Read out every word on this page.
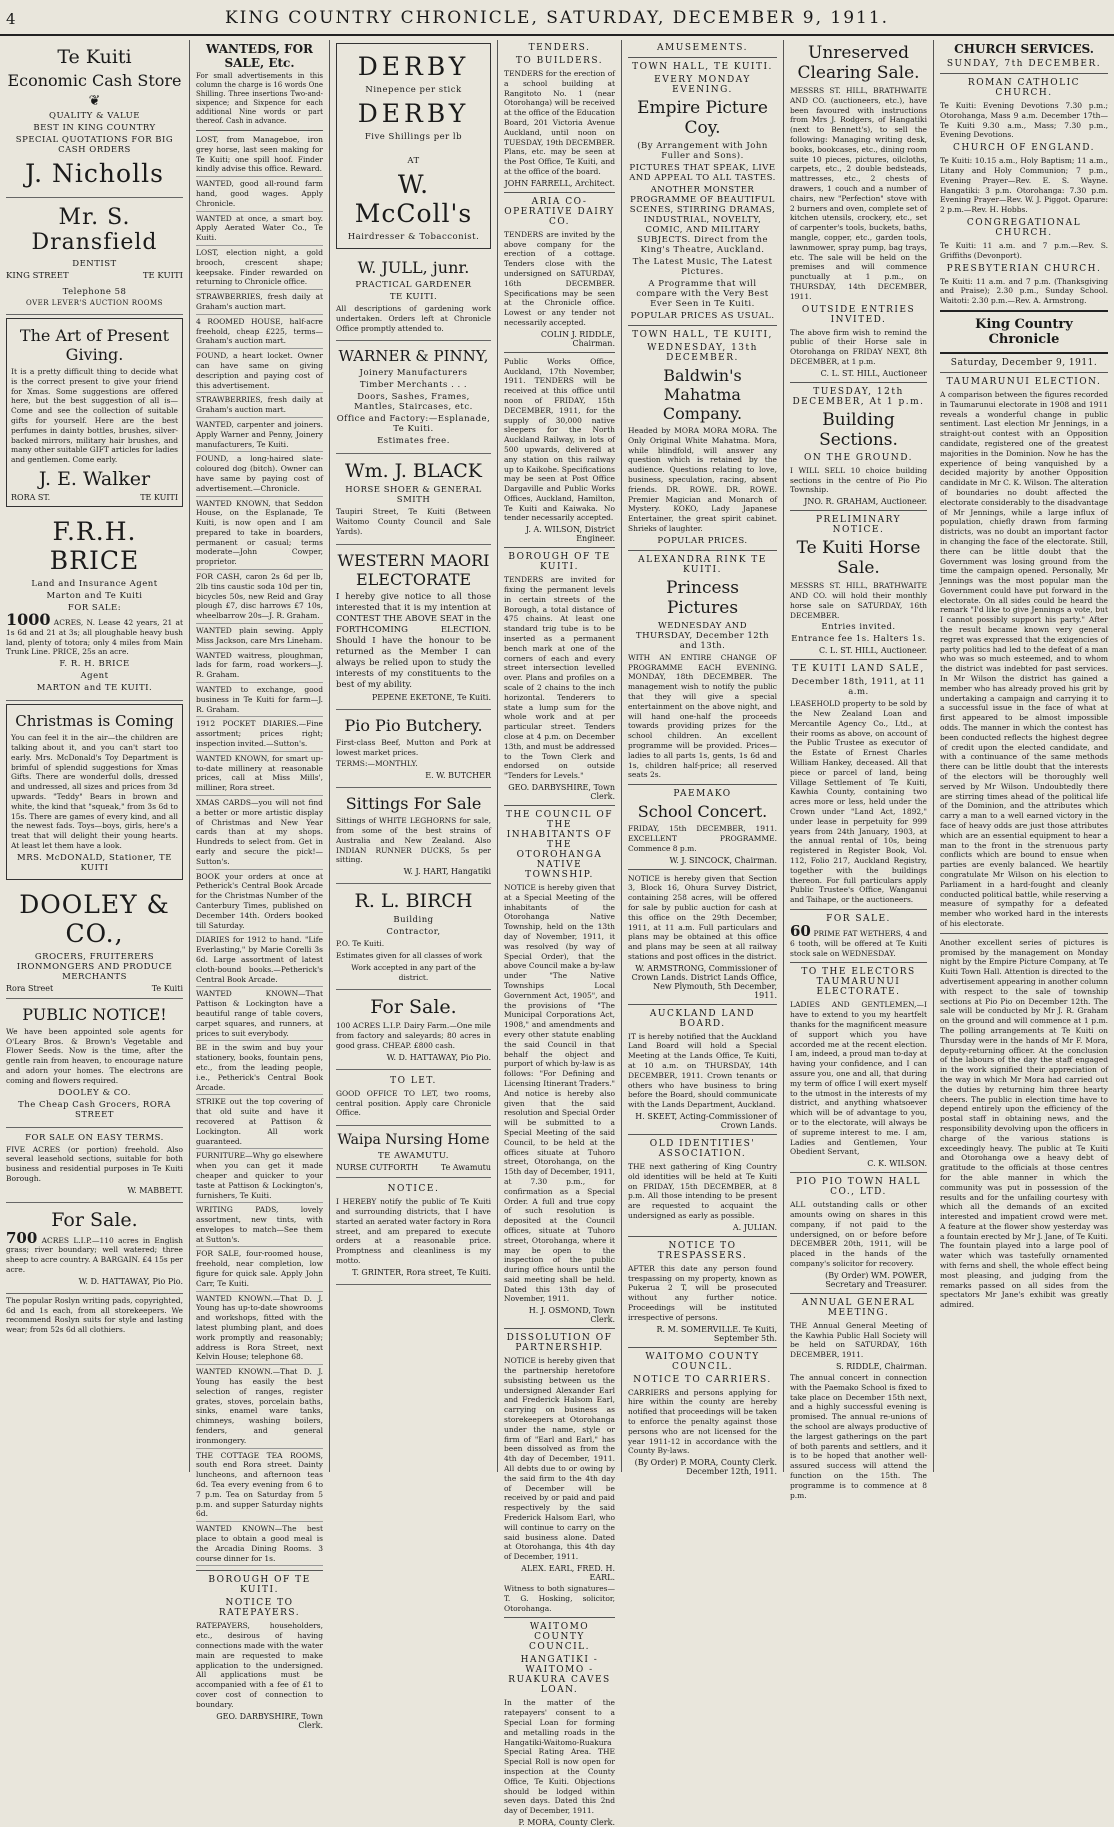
4	KING COUNTRY CHRONICLE, SATURDAY, DECEMBER 9, 1911.
Te Kuiti
Economic Cash Store
❦
QUALITY & VALUE
BEST IN KING COUNTRY
SPECIAL QUOTATIONS FOR BIG CASH ORDERS
J. Nicholls
Mr. S. Dransfield
DENTIST
KING STREET	TE KUITI
Telephone 58
OVER LEVER'S AUCTION ROOMS
The Art of Present Giving.
It is a pretty difficult thing to decide what is the correct present to give your friend for Xmas. Some suggestions are offered here, but the best suggestion of all is—Come and see the collection of suitable gifts for yourself. Here are the best perfumes in dainty bottles, brushes, silver-backed mirrors, military hair brushes, and many other suitable GIFT articles for ladies and gentlemen. Come early.
J. E. Walker
RORA ST.	TE KUITI
F.R.H. BRICE
Land and Insurance Agent
Marton and Te Kuiti
FOR SALE:
1000 ACRES, N. Lease 42 years, 21 at 1s 6d and 21 at 3s; all ploughable heavy bush land, plenty of totora; only 4 miles from Main Trunk Line. PRICE, 25s an acre.
F. R. H. BRICE
Agent
MARTON and TE KUITI.
Christmas is Coming
You can feel it in the air—the children are talking about it, and you can't start too early. Mrs. McDonald's Toy Department is brimful of splendid suggestions for Xmas Gifts. There are wonderful dolls, dressed and undressed, all sizes and prices from 3d upwards. "Teddy" Bears in brown and white, the kind that "squeak," from 3s 6d to 15s. There are games of every kind, and all the newest fads. Toys—boys, girls, here's a treat that will delight their young hearts. At least let them have a look.
MRS. McDONALD, Stationer, TE KUITI
DOOLEY & CO.,
GROCERS, FRUITERERS IRONMONGERS AND PRODUCE MERCHANTS
Rora Street	Te Kuiti
PUBLIC NOTICE!
We have been appointed sole agents for O'Leary Bros. & Brown's Vegetable and Flower Seeds. Now is the time, after the gentle rain from heaven, to encourage nature and adorn your homes. The electrons are coming and flowers required.
DOOLEY & CO.
The Cheap Cash Grocers, RORA STREET
FOR SALE ON EASY TERMS.
FIVE ACRES (or portion) freehold. Also several leasehold sections, suitable for both business and residential purposes in Te Kuiti Borough.
W. MABBETT.
For Sale.
700 ACRES L.I.P.—110 acres in English grass; river boundary; well watered; three sheep to acre country. A BARGAIN. £4 15s per acre.
W. D. HATTAWAY, Pio Pio.
The popular Roslyn writing pads, copyrighted, 6d and 1s each, from all storekeepers. We recommend Roslyn suits for style and lasting wear; from 52s 6d all clothiers.
WANTEDS, FOR SALE, Etc.
For small advertisements in this column the charge is 16 words One Shilling. Three insertions Two-and-sixpence; and Sixpence for each additional Nine words or part thereof. Cash in advance.
LOST, from Manageboe, iron grey horse, last seen making for Te Kuiti; one spill hoof. Finder kindly advise this office. Reward.
WANTED, good all-round farm hand, good wages. Apply Chronicle.
WANTED at once, a smart boy. Apply Aerated Water Co., Te Kuiti.
LOST, election night, a gold brooch, crescent shape; keepsake. Finder rewarded on returning to Chronicle office.
STRAWBERRIES, fresh daily at Graham's auction mart.
4 ROOMED HOUSE, half-acre freehold, cheap £225, terms—Graham's auction mart.
FOUND, a heart locket. Owner can have same on giving description and paying cost of this advertisement.
STRAWBERRIES, fresh daily at Graham's auction mart.
WANTED, carpenter and joiners. Apply Warner and Penny, Joinery manufacturers, Te Kuiti.
FOUND, a long-haired slate-coloured dog (bitch). Owner can have same by paying cost of advertisement.—Chronicle.
WANTED KNOWN, that Seddon House, on the Esplanade, Te Kuiti, is now open and I am prepared to take in boarders, permanent or casual; terms moderate—John Cowper, proprietor.
FOR CASH, caron 2s 6d per lb, 2lb tins caustic soda 10d per tin, bicycles 50s, new Reid and Gray plough £7, disc harrows £7 10s, wheelbarrow 20s—J. R. Graham.
WANTED plain sewing. Apply Miss Jackson, care Mrs Lineham.
WANTED waitress, ploughman, lads for farm, road workers—J. R. Graham.
WANTED to exchange, good business in Te Kuiti for farm—J. R. Graham.
1912 POCKET DIARIES.—Fine assortment; prices right; inspection invited.—Sutton's.
WANTED KNOWN, for smart up-to-date millinery at reasonable prices, call at Miss Mills', milliner, Rora street.
XMAS CARDS—you will not find a better or more artistic display of Christmas and New Year cards than at my shops. Hundreds to select from. Get in early and secure the pick!—Sutton's.
BOOK your orders at once at Petherick's Central Book Arcade for the Christmas Number of the Canterbury Times, published on December 14th. Orders booked till Saturday.
DIARIES for 1912 to hand. "Life Everlasting," by Marie Corelli 3s 6d. Large assortment of latest cloth-bound books.—Petherick's Central Book Arcade.
WANTED KNOWN—That Pattison & Lockington have a beautiful range of table covers, carpet squares, and runners, at prices to suit everybody.
BE in the swim and buy your stationery, books, fountain pens, etc., from the leading people, i.e., Petherick's Central Book Arcade.
STRIKE out the top covering of that old suite and have it recovered at Pattison & Lockington. All work guaranteed.
FURNITURE—Why go elsewhere when you can get it made cheaper and quicker to your taste at Pattison & Lockington's, furnishers, Te Kuiti.
WRITING PADS, lovely assortment, new tints, with envelopes to match—See them at Sutton's.
FOR SALE, four-roomed house, freehold, near completion, low figure for quick sale. Apply John Carr, Te Kuiti.
WANTED KNOWN.—That D. J. Young has up-to-date showrooms and workshops, fitted with the latest plumbing plant, and does work promptly and reasonably; address is Rora Street, next Kelvin House; telephone 68.
WANTED KNOWN.—That D. J. Young has easily the best selection of ranges, register grates, stoves, porcelain baths, sinks, enamel ware tanks, chimneys, washing boilers, fenders, and general ironmongery.
THE COTTAGE TEA ROOMS, south end Rora street. Dainty luncheons, and afternoon teas 6d. Tea every evening from 6 to 7 p.m. Tea on Saturday from 5 p.m. and supper Saturday nights 6d.
WANTED KNOWN—The best place to obtain a good meal is the Arcadia Dining Rooms. 3 course dinner for 1s.
BOROUGH OF TE KUITI.
NOTICE TO RATEPAYERS.
RATEPAYERS, householders, etc., desirous of having connections made with the water main are requested to make application to the undersigned. All applications must be accompanied with a fee of £1 to cover cost of connection to boundary.
GEO. DARBYSHIRE, Town Clerk.
DERBY
Ninepence per stick
DERBY
Five Shillings per lb
AT
W. McColl's
Hairdresser & Tobacconist.
W. JULL, junr.
PRACTICAL GARDENER
TE KUITI.
All descriptions of gardening work undertaken. Orders left at Chronicle Office promptly attended to.
WARNER & PINNY,
Joinery Manufacturers
Timber Merchants . . .
Doors, Sashes, Frames, Mantles, Staircases, etc.
Office and Factory:—Esplanade, Te Kuiti.
Estimates free.
Wm. J. BLACK
HORSE SHOER & GENERAL SMITH
Taupiri Street, Te Kuiti (Between Waitomo County Council and Sale Yards).
WESTERN MAORI ELECTORATE
I hereby give notice to all those interested that it is my intention at CONTEST THE ABOVE SEAT in the FORTHCOMING ELECTION. Should I have the honour to be returned as the Member I can always be relied upon to study the interests of my constituents to the best of my ability.
PEPENE EKETONE, Te Kuiti.
Pio Pio Butchery.
First-class Beef, Mutton and Pork at lowest market prices.
TERMS:—MONTHLY.
E. W. BUTCHER
Sittings For Sale
Sittings of WHITE LEGHORNS for sale, from some of the best strains of Australia and New Zealand. Also INDIAN RUNNER DUCKS, 5s per sitting.
W. J. HART, Hangatiki
R. L. BIRCH
Building
Contractor,
P.O. Te Kuiti.
Estimates given for all classes of work
Work accepted in any part of the district.
For Sale.
100 ACRES L.I.P. Dairy Farm.—One mile from factory and saleyards; 80 acres in good grass. CHEAP. £800 cash.
W. D. HATTAWAY, Pio Pio.
TO LET.
GOOD OFFICE TO LET, two rooms, central position. Apply care Chronicle Office.
Waipa Nursing Home
TE AWAMUTU.
NURSE CUTFORTH	Te Awamutu
NOTICE.
I HEREBY notify the public of Te Kuiti and surrounding districts, that I have started an aerated water factory in Rora street, and am prepared to execute orders at a reasonable price. Promptness and cleanliness is my motto.
T. GRINTER, Rora street, Te Kuiti.
TENDERS.
TO BUILDERS.
TENDERS for the erection of a school building at Rangitoto No. 1 (near Otorohanga) will be received at the office of the Education Board, 201 Victoria Avenue Auckland, until noon on TUESDAY, 19th DECEMBER. Plans, etc. may be seen at the Post Office, Te Kuiti, and at the office of the board.
JOHN FARRELL, Architect.
ARIA CO-OPERATIVE DAIRY CO.
TENDERS are invited by the above company for the erection of a cottage. Tenders close with the undersigned on SATURDAY, 16th DECEMBER. Specifications may be seen at the Chronicle office. Lowest or any tender not necessarily accepted.
COLIN J. RIDDLE, Chairman.
Public Works Office, Auckland, 17th November, 1911. TENDERS will be received at this office until noon of FRIDAY, 15th DECEMBER, 1911, for the supply of 30,000 native sleepers for the North Auckland Railway, in lots of 500 upwards, delivered at any station on this railway up to Kaikohe. Specifications may be seen at Post Office Dargaville and Public Works Offices, Auckland, Hamilton, Te Kuiti and Kaiwaka. No tender necessarily accepted.
J. A. WILSON, District Engineer.
BOROUGH OF TE KUITI.
TENDERS are invited for fixing the permanent levels in certain streets of the Borough, a total distance of 475 chains. At least one standard trig tube is to be inserted as a permanent bench mark at one of the corners of each and every street intersection levelled over. Plans and profiles on a scale of 2 chains to the inch horizontal. Tenderers to state a lump sum for the whole work and at per particular street. Tenders close at 4 p.m. on December 13th, and must be addressed to the Town Clerk and endorsed on outside "Tenders for Levels."
GEO. DARBYSHIRE, Town Clerk.
THE COUNCIL OF THE INHABITANTS OF THE OTOROHANGA NATIVE TOWNSHIP.
NOTICE is hereby given that at a Special Meeting of the inhabitants of the Otorohanga Native Township, held on the 13th day of November, 1911, it was resolved (by way of Special Order), that the above Council make a by-law under "The Native Townships Local Government Act, 1905", and the provisions of "The Municipal Corporations Act, 1908," and amendments and every other statute enabling the said Council in that behalf the object and purport of which by-law is as follows: "For Defining and Licensing Itinerant Traders." And notice is hereby also given that the said resolution and Special Order will be submitted to a Special Meeting of the said Council, to be held at the offices situate at Tuhoro street, Otorohanga, on the 15th day of December, 1911, at 7.30 p.m., for confirmation as a Special Order. A full and true copy of such resolution is deposited at the Council offices, situate at Tuhoro street, Otorohanga, where it may be open to the inspection of the public during office hours until the said meeting shall be held. Dated this 13th day of November, 1911.
H. J. OSMOND, Town Clerk.
DISSOLUTION OF PARTNERSHIP.
NOTICE is hereby given that the partnership heretofore subsisting between us the undersigned Alexander Earl and Frederick Halsom Earl, carrying on business as storekeepers at Otorohanga under the name, style or firm of "Earl and Earl," has been dissolved as from the 4th day of December, 1911. All debts due to or owing by the said firm to the 4th day of December will be received by or paid and paid respectively by the said Frederick Halsom Earl, who will continue to carry on the said business alone. Dated at Otorohanga, this 4th day of December, 1911.
ALEX. EARL, FRED. H. EARL.
Witness to both signatures—T. G. Hosking, solicitor, Otorohanga.
WAITOMO COUNTY COUNCIL.
HANGATIKI - WAITOMO - RUAKURA CAVES LOAN.
In the matter of the ratepayers' consent to a Special Loan for forming and metalling roads in the Hangatiki-Waitomo-Ruakura Special Rating Area. THE Special Roll is now open for inspection at the County Office, Te Kuiti. Objections should be lodged within seven days. Dated this 2nd day of December, 1911.
P. MORA, County Clerk.
AMUSEMENTS.
TOWN HALL, TE KUITI.
EVERY MONDAY EVENING.
Empire Picture Coy.
(By Arrangement with John Fuller and Sons).
PICTURES THAT SPEAK, LIVE AND APPEAL TO ALL TASTES.
ANOTHER MONSTER PROGRAMME OF BEAUTIFUL SCENES, STIRRING DRAMAS, INDUSTRIAL, NOVELTY, COMIC, AND MILITARY SUBJECTS. Direct from the King's Theatre, Auckland.
The Latest Music, The Latest Pictures.
A Programme that will compare with the Very Best Ever Seen in Te Kuiti.
POPULAR PRICES AS USUAL.
TOWN HALL, TE KUITI,
WEDNESDAY, 13th DECEMBER.
Baldwin's Mahatma Company.
Headed by MORA MORA MORA. The Only Original White Mahatma. Mora, while blindfold, will answer any question which is retained by the audience. Questions relating to love, business, speculation, racing, absent friends. DR. ROWE. DR. ROWE. Premier Magician and Monarch of Mystery. KOKO, Lady Japanese Entertainer, the great spirit cabinet. Shrieks of laughter.
POPULAR PRICES.
ALEXANDRA RINK TE KUITI.
Princess Pictures
WEDNESDAY AND THURSDAY, December 12th and 13th.
WITH AN ENTIRE CHANGE OF PROGRAMME EACH EVENING. MONDAY, 18th DECEMBER. The management wish to notify the public that they will give a special entertainment on the above night, and will hand one-half the proceeds towards providing prizes for the school children. An excellent programme will be provided. Prices—ladies to all parts 1s, gents, 1s 6d and 1s, children half-price; all reserved seats 2s.
PAEMAKO
School Concert.
FRIDAY, 15th DECEMBER, 1911. EXCELLENT PROGRAMME. Commence 8 p.m.
W. J. SINCOCK, Chairman.
NOTICE is hereby given that Section 3, Block 16, Ohura Survey District, containing 258 acres, will be offered for sale by public auction for cash at this office on the 29th December, 1911, at 11 a.m. Full particulars and plans may be obtained at this office and plans may be seen at all railway stations and post offices in the district.
W. ARMSTRONG, Commissioner of Crown Lands. District Lands Office, New Plymouth, 5th December, 1911.
AUCKLAND LAND BOARD.
IT is hereby notified that the Auckland Land Board will hold a Special Meeting at the Lands Office, Te Kuiti, at 10 a.m. on THURSDAY, 14th DECEMBER, 1911. Crown tenants or others who have business to bring before the Board, should communicate with the Lands Department, Auckland.
H. SKEET, Acting-Commissioner of Crown Lands.
OLD IDENTITIES' ASSOCIATION.
THE next gathering of King Country old identities will be held at Te Kuiti on FRIDAY, 15th DECEMBER, at 8 p.m. All those intending to be present are requested to acquaint the undersigned as early as possible.
A. JULIAN.
NOTICE TO TRESPASSERS.
AFTER this date any person found trespassing on my property, known as Pukerua 2 T, will be prosecuted without any further notice. Proceedings will be instituted irrespective of persons.
R. M. SOMERVILLE. Te Kuiti, September 5th.
WAITOMO COUNTY COUNCIL.
NOTICE TO CARRIERS.
CARRIERS and persons applying for hire within the county are hereby notified that proceedings will be taken to enforce the penalty against those persons who are not licensed for the year 1911-12 in accordance with the County By-laws.
(By Order) P. MORA, County Clerk. December 12th, 1911.
Unreserved Clearing Sale.
MESSRS ST. HILL, BRATHWAITE AND CO. (auctioneers, etc.), have been favoured with instructions from Mrs J. Rodgers, of Hangatiki (next to Bennett's), to sell the following: Managing writing desk, books, bookcases, etc., dining room suite 10 pieces, pictures, oilcloths, carpets, etc., 2 double bedsteads, mattresses, etc., 2 chests of drawers, 1 couch and a number of chairs, new "Perfection" stove with 2 burners and oven, complete set of kitchen utensils, crockery, etc., set of carpenter's tools, buckets, baths, mangle, copper, etc., garden tools, lawnmower, spray pump, bag trays, etc. The sale will be held on the premises and will commence punctually at 1 p.m., on THURSDAY, 14th DECEMBER, 1911.
OUTSIDE ENTRIES INVITED.
The above firm wish to remind the public of their Horse sale in Otorohanga on FRIDAY NEXT, 8th DECEMBER, at 1 p.m.
C. L. ST. HILL, Auctioneer
TUESDAY, 12th DECEMBER, At 1 p.m.
Building Sections.
ON THE GROUND.
I WILL SELL 10 choice building sections in the centre of Pio Pio Township.
JNO. R. GRAHAM, Auctioneer.
PRELIMINARY NOTICE.
Te Kuiti Horse Sale.
MESSRS ST. HILL, BRATHWAITE AND CO. will hold their monthly horse sale on SATURDAY, 16th DECEMBER.
Entries invited.
Entrance fee 1s. Halters 1s.
C. L. ST. HILL, Auctioneer.
TE KUITI LAND SALE,
December 18th, 1911, at 11 a.m.
LEASEHOLD property to be sold by the New Zealand Loan and Mercantile Agency Co., Ltd., at their rooms as above, on account of the Public Trustee as executor of the Estate of Ernest Charles William Hankey, deceased. All that piece or parcel of land, being Village Settlement of Te Kuiti, Kawhia County, containing two acres more or less, held under the Crown under "Land Act, 1892," under lease in perpetuity for 999 years from 24th January, 1903, at the annual rental of 10s, being registered in Register Book, Vol. 112, Folio 217, Auckland Registry, together with the buildings thereon. For full particulars apply Public Trustee's Office, Wanganui and Taihape, or the auctioneers.
FOR SALE.
60 PRIME FAT WETHERS, 4 and 6 tooth, will be offered at Te Kuiti stock sale on WEDNESDAY.
TO THE ELECTORS TAUMARUNUI ELECTORATE.
LADIES AND GENTLEMEN,—I have to extend to you my heartfelt thanks for the magnificent measure of support which you have accorded me at the recent election. I am, indeed, a proud man to-day at having your confidence, and I can assure you, one and all, that during my term of office I will exert myself to the utmost in the interests of my district, and anything whatsoever which will be of advantage to you, or to the electorate, will always be of supreme interest to me. I am, Ladies and Gentlemen, Your Obedient Servant,
C. K. WILSON.
PIO PIO TOWN HALL CO., LTD.
ALL outstanding calls or other amounts owing on shares in this company, if not paid to the undersigned, on or before before DECEMBER 20th, 1911, will be placed in the hands of the company's solicitor for recovery.
(By Order) WM. POWER, Secretary and Treasurer.
ANNUAL GENERAL MEETING.
THE Annual General Meeting of the Kawhia Public Hall Society will be held on SATURDAY, 16th DECEMBER, 1911.
S. RIDDLE, Chairman.
The annual concert in connection with the Paemako School is fixed to take place on December 15th next, and a highly successful evening is promised. The annual re-unions of the school are always productive of the largest gatherings on the part of both parents and settlers, and it is to be hoped that another well-assured success will attend the function on the 15th. The programme is to commence at 8 p.m.
CHURCH SERVICES.
SUNDAY, 7th DECEMBER.
ROMAN CATHOLIC CHURCH.
Te Kuiti: Evening Devotions 7.30 p.m.; Otorohanga, Mass 9 a.m. December 17th—Te Kuiti 9.30 a.m., Mass; 7.30 p.m., Evening Devotions.
CHURCH OF ENGLAND.
Te Kuiti: 10.15 a.m., Holy Baptism; 11 a.m., Litany and Holy Communion; 7 p.m., Evening Prayer—Rev. E. S. Wayne. Hangatiki: 3 p.m. Otorohanga: 7.30 p.m. Evening Prayer—Rev. W. J. Piggot. Oparure: 2 p.m.—Rev. H. Hobbs.
CONGREGATIONAL CHURCH.
Te Kuiti: 11 a.m. and 7 p.m.—Rev. S. Griffiths (Devonport).
PRESBYTERIAN CHURCH.
Te Kuiti: 11 a.m. and 7 p.m. (Thanksgiving and Praise); 2.30 p.m., Sunday School. Waitoti: 2.30 p.m.—Rev. A. Armstrong.
King Country Chronicle
Saturday, December 9, 1911.
TAUMARUNUI ELECTION.
A comparison between the figures recorded in Taumarunui electorate in 1908 and 1911 reveals a wonderful change in public sentiment. Last election Mr Jennings, in a straight-out contest with an Opposition candidate, registered one of the greatest majorities in the Dominion. Now he has the experience of being vanquished by a decided majority by another Opposition candidate in Mr C. K. Wilson. The alteration of boundaries no doubt affected the electorate considerably to the disadvantage of Mr Jennings, while a large influx of population, chiefly drawn from farming districts, was no doubt an important factor in changing the face of the electorate. Still, there can be little doubt that the Government was losing ground from the time the campaign opened. Personally, Mr Jennings was the most popular man the Government could have put forward in the electorate. On all sides could be heard the remark "I'd like to give Jennings a vote, but I cannot possibly support his party." After the result became known very general regret was expressed that the exigencies of party politics had led to the defeat of a man who was so much esteemed, and to whom the district was indebted for past services. In Mr Wilson the district has gained a member who has already proved his grit by undertaking a campaign and carrying it to a successful issue in the face of what at first appeared to be almost impossible odds. The manner in which the contest has been conducted reflects the highest degree of credit upon the elected candidate, and with a continuance of the same methods there can be little doubt that the interests of the electors will be thoroughly well served by Mr Wilson. Undoubtedly there are stirring times ahead of the political life of the Dominion, and the attributes which carry a man to a well earned victory in the face of heavy odds are just those attributes which are an essential equipment to hear a man to the front in the strenuous party conflicts which are bound to ensue when parties are evenly balanced. We heartily congratulate Mr Wilson on his election to Parliament in a hard-fought and cleanly conducted political battle, while reserving a measure of sympathy for a defeated member who worked hard in the interests of his electorate.
Another excellent series of pictures is promised by the management on Monday night by the Empire Picture Company, at Te Kuiti Town Hall. Attention is directed to the advertisement appearing in another column with respect to the sale of township sections at Pio Pio on December 12th. The sale will be conducted by Mr J. R. Graham on the ground and will commence at 1 p.m. The polling arrangements at Te Kuiti on Thursday were in the hands of Mr F. Mora, deputy-returning officer. At the conclusion of the labours of the day the staff engaged in the work signified their appreciation of the way in which Mr Mora had carried out the duties by returning him three hearty cheers. The public in election time have to depend entirely upon the efficiency of the postal staff in obtaining news, and the responsibility devolving upon the officers in charge of the various stations is exceedingly heavy. The public at Te Kuiti and Otorohanga owe a heavy debt of gratitude to the officials at those centres for the able manner in which the community was put in possession of the results and for the unfailing courtesy with which all the demands of an excited interested and impatient crowd were met. A feature at the flower show yesterday was a fountain erected by Mr J. Jane, of Te Kuiti. The fountain played into a large pool of water which was tastefully ornamented with ferns and shell, the whole effect being most pleasing, and judging from the remarks passed on all sides from the spectators Mr Jane's exhibit was greatly admired.
